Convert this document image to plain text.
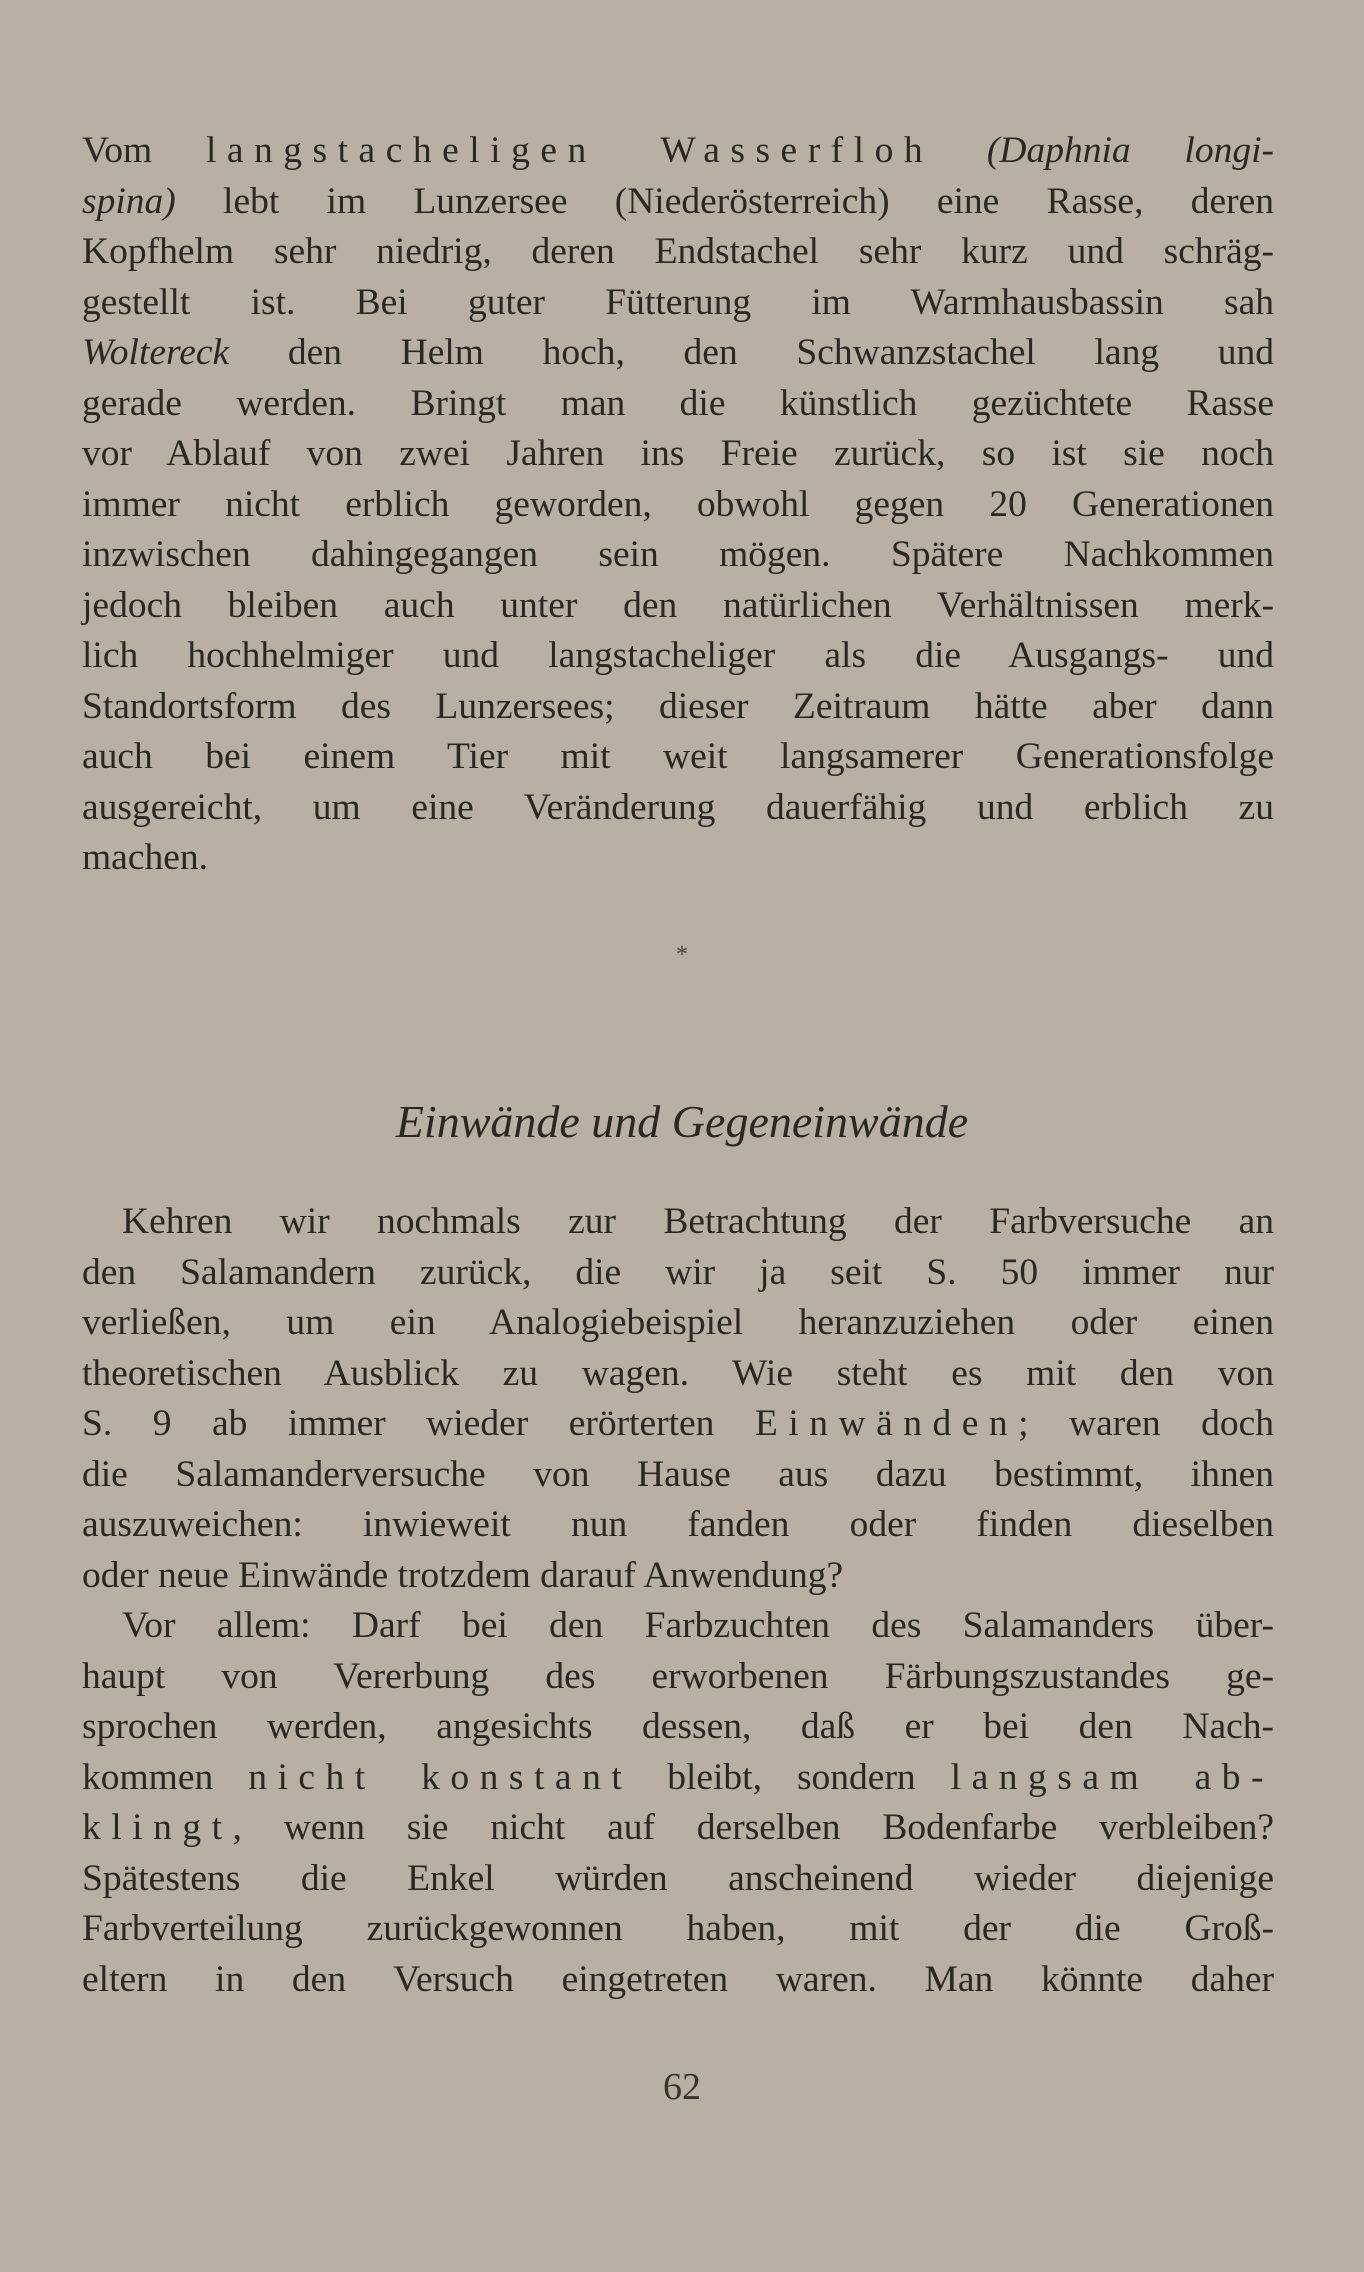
Vom langstacheligen Wasserfloh (Daphnia longi-
spina) lebt im Lunzersee (Niederösterreich) eine Rasse, deren
Kopfhelm sehr niedrig, deren Endstachel sehr kurz und schräg-
gestellt ist. Bei guter Fütterung im Warmhausbassin sah
Woltereck den Helm hoch, den Schwanzstachel lang und
gerade werden. Bringt man die künstlich gezüchtete Rasse
vor Ablauf von zwei Jahren ins Freie zurück, so ist sie noch
immer nicht erblich geworden, obwohl gegen 20 Generationen
inzwischen dahingegangen sein mögen. Spätere Nachkommen
jedoch bleiben auch unter den natürlichen Verhältnissen merk-
lich hochhelmiger und langstacheliger als die Ausgangs- und
Standortsform des Lunzersees; dieser Zeitraum hätte aber dann
auch bei einem Tier mit weit langsamerer Generationsfolge
ausgereicht, um eine Veränderung dauerfähig und erblich zu
machen.
*
Einwände und Gegeneinwände
Kehren wir nochmals zur Betrachtung der Farbversuche an
den Salamandern zurück, die wir ja seit S. 50 immer nur
verließen, um ein Analogiebeispiel heranzuziehen oder einen
theoretischen Ausblick zu wagen. Wie steht es mit den von
S. 9 ab immer wieder erörterten Einwänden; waren doch
die Salamanderversuche von Hause aus dazu bestimmt, ihnen
auszuweichen: inwieweit nun fanden oder finden dieselben
oder neue Einwände trotzdem darauf Anwendung?
Vor allem: Darf bei den Farbzuchten des Salamanders über-
haupt von Vererbung des erworbenen Färbungszustandes ge-
sprochen werden, angesichts dessen, daß er bei den Nach-
kommen nicht konstant bleibt, sondern langsam ab-
klingt, wenn sie nicht auf derselben Bodenfarbe verbleiben?
Spätestens die Enkel würden anscheinend wieder diejenige
Farbverteilung zurückgewonnen haben, mit der die Groß-
eltern in den Versuch eingetreten waren. Man könnte daher
62
